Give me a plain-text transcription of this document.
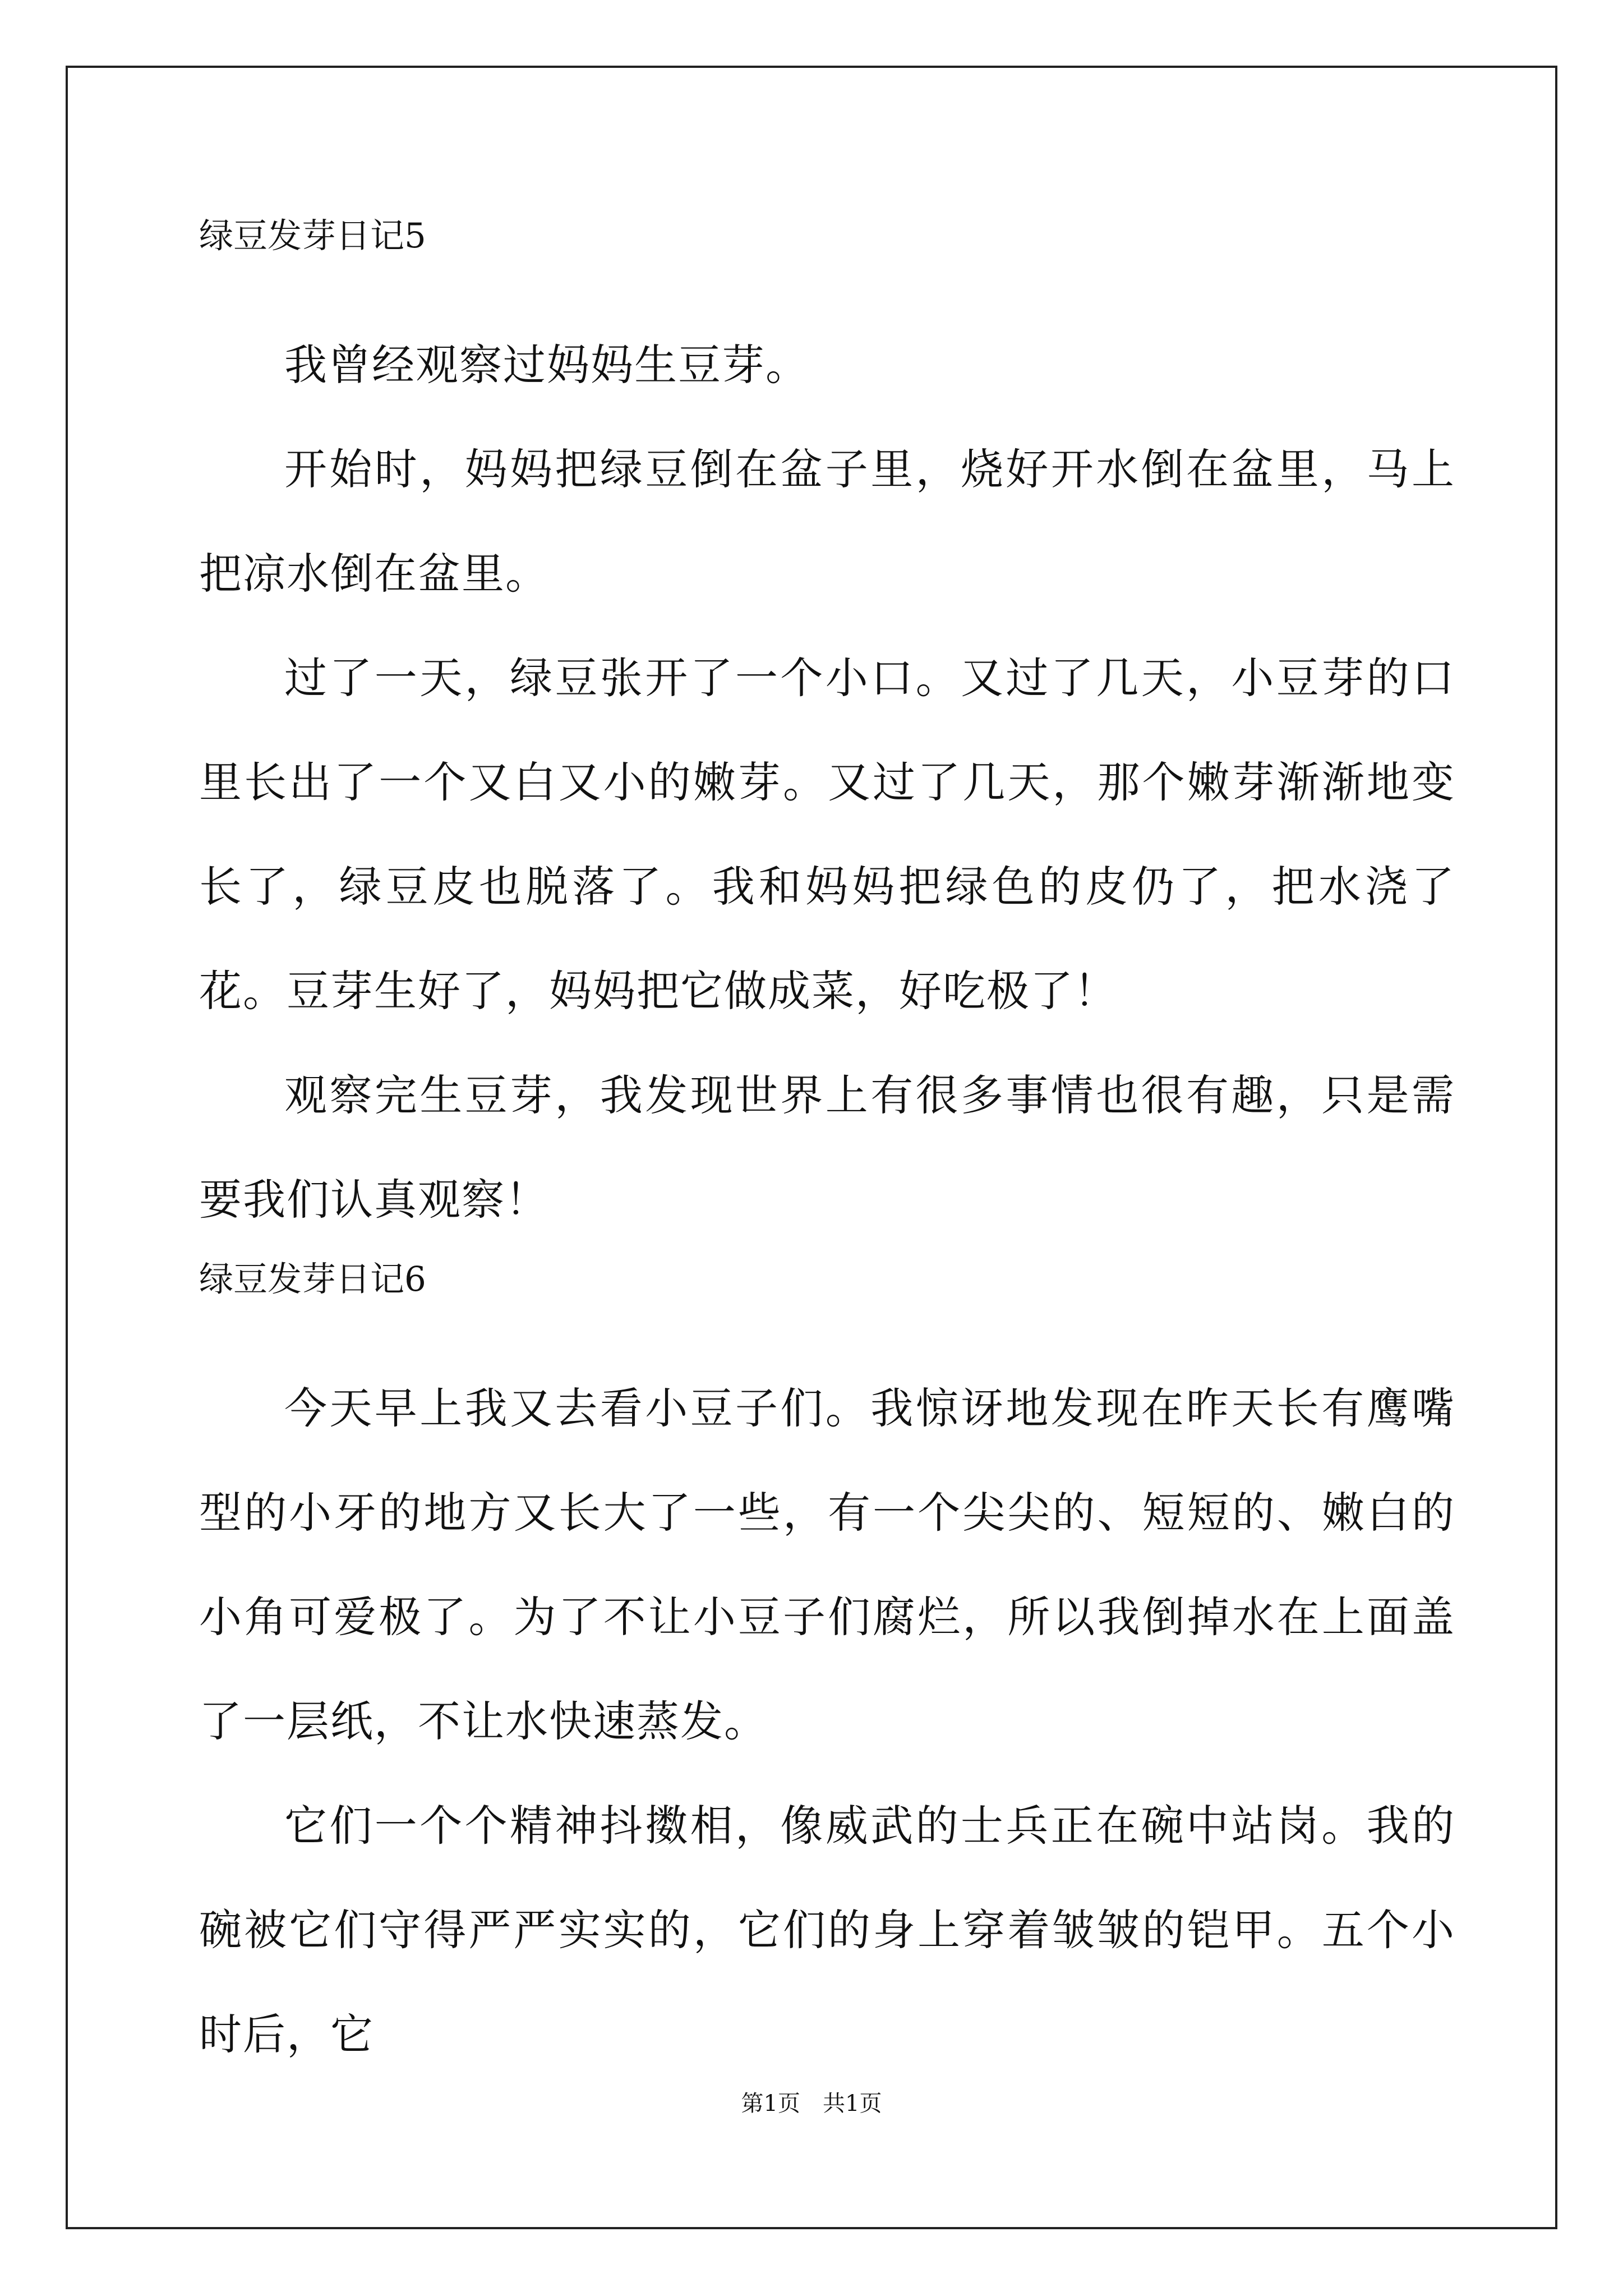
绿豆发芽日记5

我曾经观察过妈妈生豆芽。

开始时，妈妈把绿豆倒在盆子里，烧好开水倒在盆里，马上把凉水倒在盆里。

过了一天，绿豆张开了一个小口。又过了几天，小豆芽的口里长出了一个又白又小的嫩芽。又过了几天，那个嫩芽渐渐地变长了，绿豆皮也脱落了。我和妈妈把绿色的皮仍了，把水浇了花。豆芽生好了，妈妈把它做成菜，好吃极了！

观察完生豆芽，我发现世界上有很多事情也很有趣，只是需要我们认真观察！

绿豆发芽日记6

今天早上我又去看小豆子们。我惊讶地发现在昨天长有鹰嘴型的小牙的地方又长大了一些，有一个尖尖的、短短的、嫩白的小角可爱极了。为了不让小豆子们腐烂，所以我倒掉水在上面盖了一层纸，不让水快速蒸发。

它们一个个精神抖擞相，像威武的士兵正在碗中站岗。我的碗被它们守得严严实实的，它们的身上穿着皱皱的铠甲。五个小时后，它

第1页　共1页
